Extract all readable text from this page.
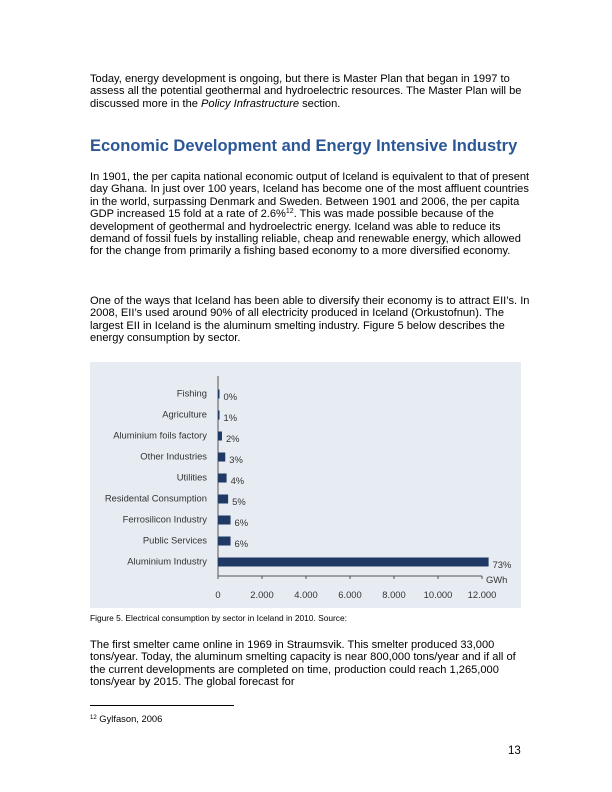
Today, energy development is ongoing, but there is Master Plan that began in 1997 to assess all the potential geothermal and hydroelectric resources. The Master Plan will be discussed more in the Policy Infrastructure section.

Economic Development and Energy Intensive Industry

In 1901, the per capita national economic output of Iceland is equivalent to that of present day Ghana. In just over 100 years, Iceland has become one of the most affluent countries in the world, surpassing Denmark and Sweden. Between 1901 and 2006, the per capita GDP increased 15 fold at a rate of 2.6%$^{12}$. This was made possible because of the development of geothermal and hydroelectric energy. Iceland was able to reduce its demand of fossil fuels by installing reliable, cheap and renewable energy, which allowed for the change from primarily a fishing based economy to a more diversified economy.

One of the ways that Iceland has been able to diversify their economy is to attract EII’s. In 2008, EII’s used around 90% of all electricity produced in Iceland (Orkustofnun). The largest EII in Iceland is the aluminum smelting industry. Figure 5 below describes the energy consumption by sector.

Fishing 0%
Agriculture 1%
Aluminium foils factory 2%
Other Industries 3%
Utilities	4%
Residental Consumption	5%
Ferrosilicon Industry	6%
Public Services	6%
Aluminium Industry	73%
0	2.000 4.000 6.000 8.000 10.000 12.000
GWh

Figure 5. Electrical consumption by sector in Iceland in 2010. Source:

The first smelter came online in 1969 in Straumsvik. This smelter produced 33,000 tons/year. Today, the aluminum smelting capacity is near 800,000 tons/year and if all of the current developments are completed on time, production could reach 1,265,000 tons/year by 2015. The global forecast for

$^{12}$ Gylfason, 2006

13
